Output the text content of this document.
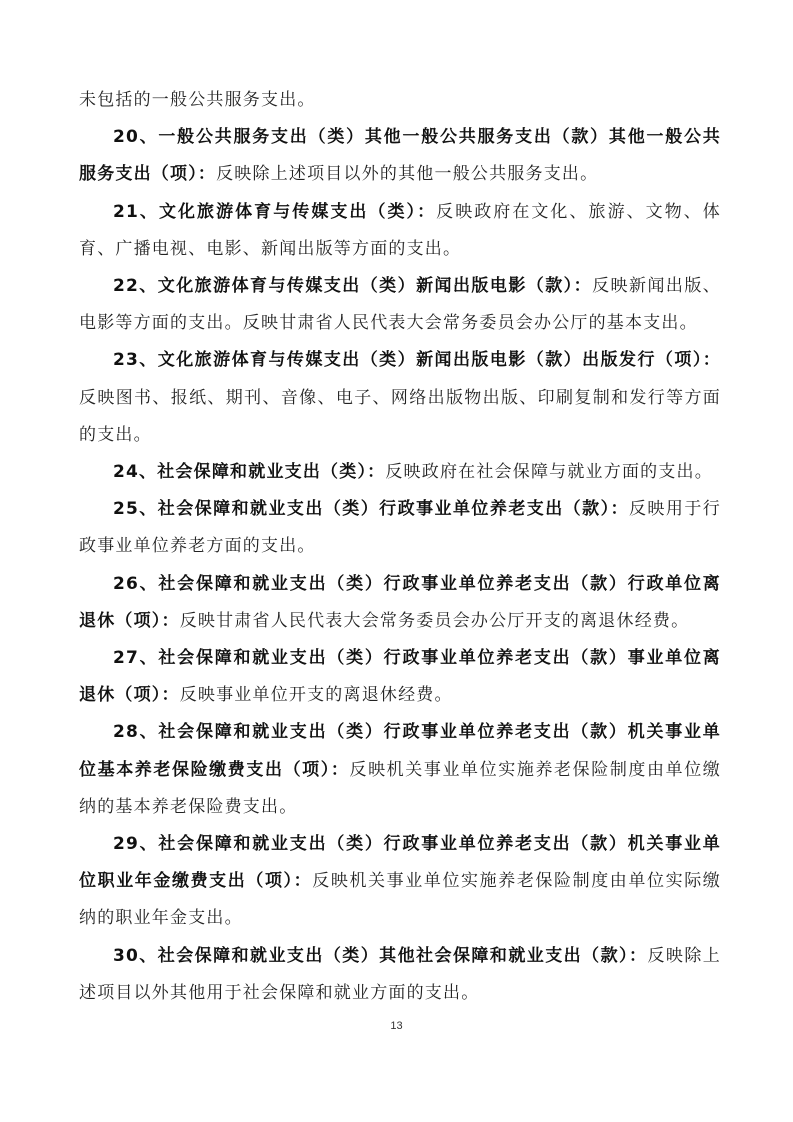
未包括的一般公共服务支出。

20、一般公共服务支出（类）其他一般公共服务支出（款）其他一般公共服务支出（项）：反映除上述项目以外的其他一般公共服务支出。

21、文化旅游体育与传媒支出（类）：反映政府在文化、旅游、文物、体育、广播电视、电影、新闻出版等方面的支出。

22、文化旅游体育与传媒支出（类）新闻出版电影（款）：反映新闻出版、电影等方面的支出。反映甘肃省人民代表大会常务委员会办公厅的基本支出。

23、文化旅游体育与传媒支出（类）新闻出版电影（款）出版发行（项）：反映图书、报纸、期刊、音像、电子、网络出版物出版、印刷复制和发行等方面的支出。

24、社会保障和就业支出（类）：反映政府在社会保障与就业方面的支出。

25、社会保障和就业支出（类）行政事业单位养老支出（款）：反映用于行政事业单位养老方面的支出。

26、社会保障和就业支出（类）行政事业单位养老支出（款）行政单位离退休（项）：反映甘肃省人民代表大会常务委员会办公厅开支的离退休经费。

27、社会保障和就业支出（类）行政事业单位养老支出（款）事业单位离退休（项）：反映事业单位开支的离退休经费。

28、社会保障和就业支出（类）行政事业单位养老支出（款）机关事业单位基本养老保险缴费支出（项）：反映机关事业单位实施养老保险制度由单位缴纳的基本养老保险费支出。

29、社会保障和就业支出（类）行政事业单位养老支出（款）机关事业单位职业年金缴费支出（项）：反映机关事业单位实施养老保险制度由单位实际缴纳的职业年金支出。

30、社会保障和就业支出（类）其他社会保障和就业支出（款）：反映除上述项目以外其他用于社会保障和就业方面的支出。

13
